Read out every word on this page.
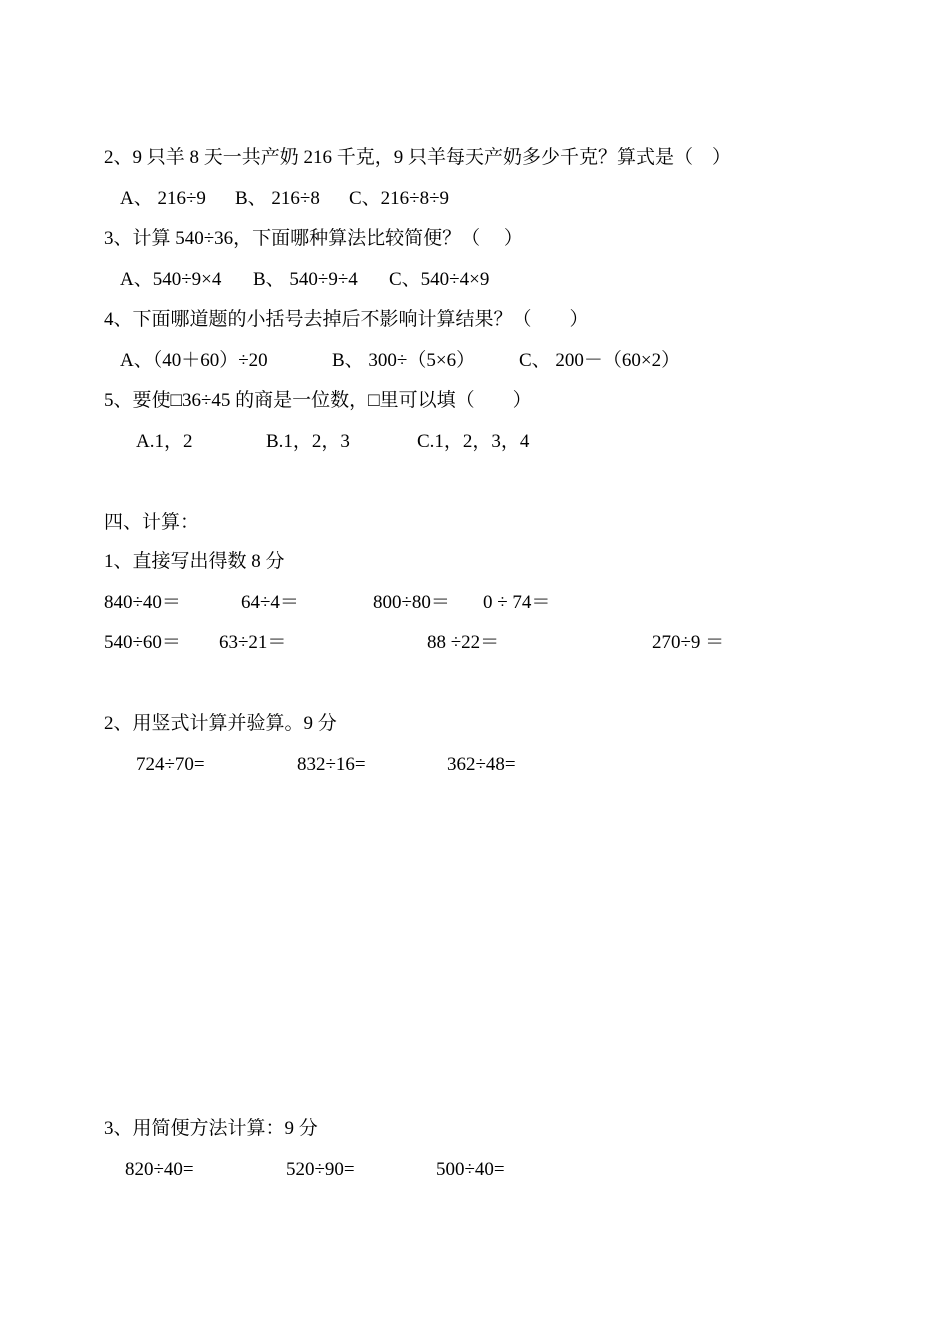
2、9 只羊 8 天一共产奶 216 千克，9 只羊每天产奶多少千克？算式是（　）
A、 216÷9 B、 216÷8 C、216÷8÷9
3、计算 540÷36，下面哪种算法比较简便？（　 ）
A、540÷9×4 B、 540÷9÷4 C、540÷4×9
4、下面哪道题的小括号去掉后不影响计算结果？（　　）
A、（40＋60）÷20	B、 300÷（5×6） C、 200－（60×2）
5、要使□36÷45 的商是一位数，□里可以填（　　）
A.1，2	B.1，2，3	C.1，2，3，4
四、计算：
1、直接写出得数 8 分
840÷40＝	64÷4＝	800÷80＝ 0 ÷ 74＝
540÷60＝ 63÷21＝	88 ÷22＝	270÷9 ＝
2、用竖式计算并验算。9 分
724÷70=	832÷16=	362÷48=
3、用简便方法计算：9 分
820÷40=	520÷90=	500÷40=
